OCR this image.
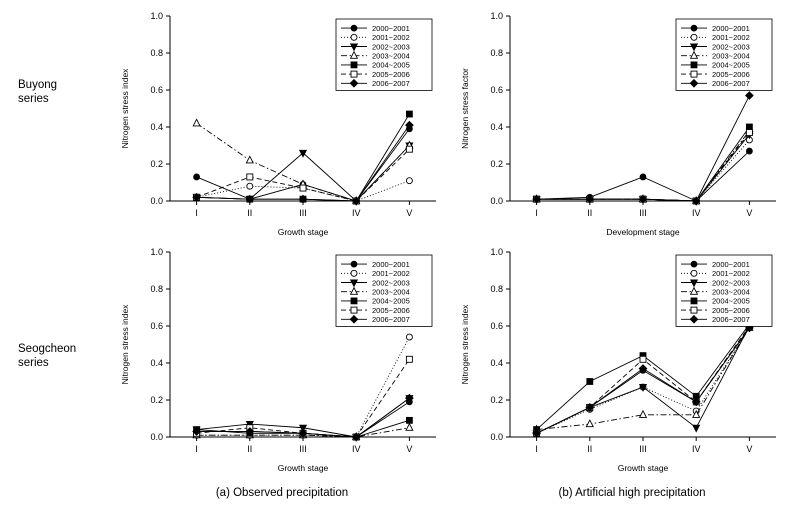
Buyong
series
Seogcheon
series
0.0
0.2
0.4
0.6
0.8
1.0
I	II	III	IV	V
Growth stage
Nitrogen stress index
2000~2001
2001~2002
2002~2003
2003~2004
2004~2005
2005~2006
2006~2007
0.0
0.2
0.4
0.6
0.8
1.0
I	II	III	IV	V
Development stage
Nitrogen stress factor
2000~2001
2001~2002
2002~2003
2003~2004
2004~2005
2005~2006
2006~2007
0.0
0.2
0.4
0.6
0.8
1.0
I	II	III	IV	V
Growth stage
Nitrogen stress index
2000~2001
2001~2002
2002~2003
2003~2004
2004~2005
2005~2006
2006~2007
0.0
0.2
0.4
0.6
0.8
1.0
I	II	III	IV	V
Growth stage
Nitrogen stress index
2000~2001
2001~2002
2002~2003
2003~2004
2004~2005
2005~2006
2006~2007
(a) Observed precipitation	(b) Artificial high precipitation
